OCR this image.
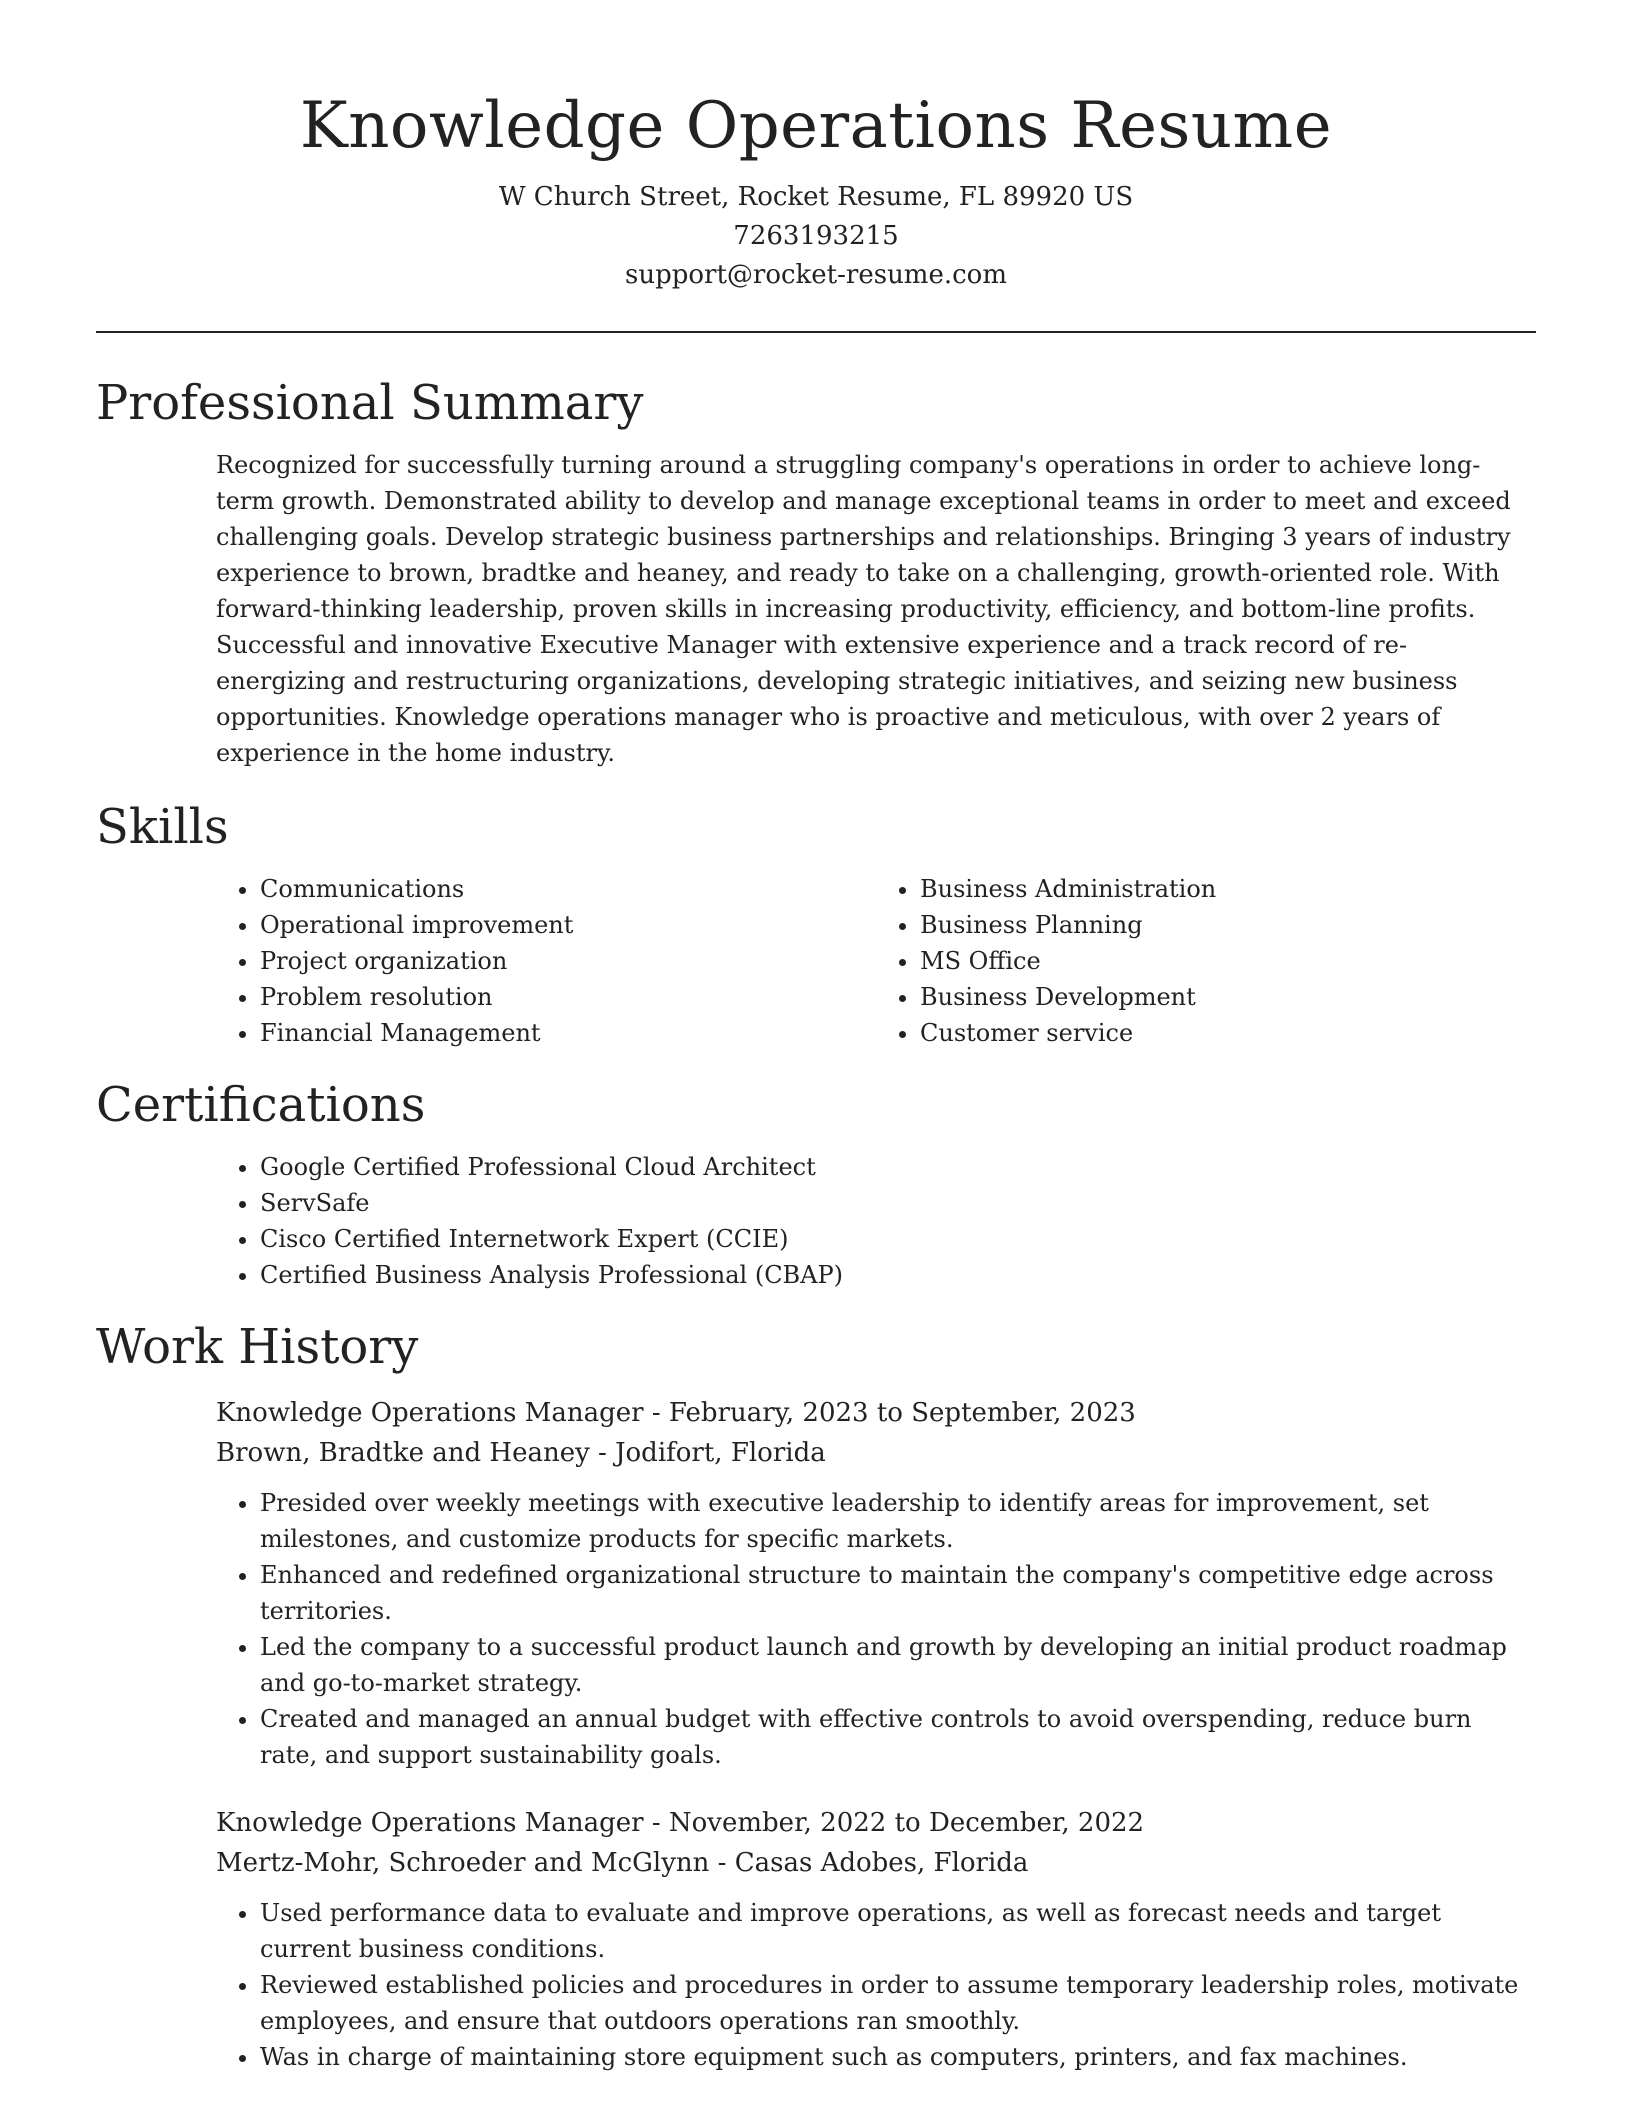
Knowledge Operations Resume

W Church Street, Rocket Resume, FL 89920 US

7263193215

support@rocket-resume.com

Professional Summary

Recognized for successfully turning around a struggling company's operations in order to achieve long-term growth. Demonstrated ability to develop and manage exceptional teams in order to meet and exceed challenging goals. Develop strategic business partnerships and relationships. Bringing 3 years of industry experience to brown, bradtke and heaney, and ready to take on a challenging, growth-oriented role. With forward-thinking leadership, proven skills in increasing productivity, efficiency, and bottom-line profits. Successful and innovative Executive Manager with extensive experience and a track record of re-energizing and restructuring organizations, developing strategic initiatives, and seizing new business opportunities. Knowledge operations manager who is proactive and meticulous, with over 2 years of experience in the home industry.

Skills
• Communications
• Operational improvement
• Project organization
• Problem resolution
• Financial Management
• Business Administration
• Business Planning
• MS Office
• Business Development
• Customer service
Certifications
• Google Certified Professional Cloud Architect
• ServSafe
• Cisco Certified Internetwork Expert (CCIE)
• Certified Business Analysis Professional (CBAP)
Work History

Knowledge Operations Manager - February, 2023 to September, 2023

Brown, Bradtke and Heaney - Jodifort, Florida

• Presided over weekly meetings with executive leadership to identify areas for improvement, set milestones, and customize products for specific markets.
• Enhanced and redefined organizational structure to maintain the company's competitive edge across territories.
• Led the company to a successful product launch and growth by developing an initial product roadmap and go-to-market strategy.
• Created and managed an annual budget with effective controls to avoid overspending, reduce burn rate, and support sustainability goals.

Knowledge Operations Manager - November, 2022 to December, 2022

Mertz-Mohr, Schroeder and McGlynn - Casas Adobes, Florida

• Used performance data to evaluate and improve operations, as well as forecast needs and target current business conditions.
• Reviewed established policies and procedures in order to assume temporary leadership roles, motivate employees, and ensure that outdoors operations ran smoothly.
• Was in charge of maintaining store equipment such as computers, printers, and fax machines.
